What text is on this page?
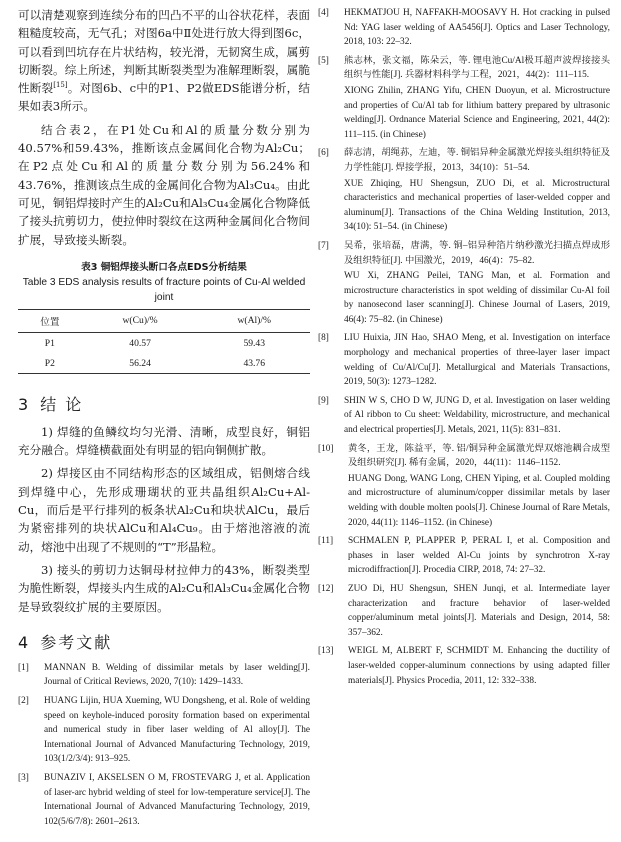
可以清楚观察到连续分布的凹凸不平的山谷状花样，表面粗糙度较高，无气孔；对图6a中Ⅱ处进行放大得到图6c，可以看到凹坑存在片状结构，较光滑，无韧窝生成，属剪切断裂。综上所述，判断其断裂类型为准解理断裂，属脆性断裂[15]。对图6b、c中的P1、P2做EDS能谱分析，结果如表3所示。

结合表2，在P1处Cu和Al的质量分数分别为40.57%和59.43%，推断该点金属间化合物为Al₂Cu；在P2点处Cu和Al的质量分数分别为56.24%和43.76%，推测该点生成的金属间化合物为Al₃Cu₄。由此可见，铜铝焊接时产生的Al₂Cu和Al₃Cu₄金属化合物降低了接头抗剪切力，使拉伸时裂纹在这两种金属间化合物间扩展，导致接头断裂。

表3 铜铝焊接头断口各点EDS分析结果
Table 3 EDS analysis results of fracture points of Cu-Al welded joint
位置	w(Cu)/%	w(Al)/%
P1	40.57	59.43
P2	56.24	43.76
3 结 论

1) 焊缝的鱼鳞纹均匀光滑、清晰，成型良好，铜铝充分融合。焊缝横截面处有明显的铝向铜侧扩散。

2) 焊接区由不同结构形态的区域组成，铝侧熔合线到焊缝中心，先形成珊瑚状的亚共晶组织Al₂Cu+Al-Cu，而后是平行排列的板条状Al₂Cu和块状AlCu，最后为紧密排列的块状AlCu和Al₄Cu₉。由于熔池溶液的流动，熔池中出现了不规则的“T”形晶粒。

3) 接头的剪切力达铜母材拉伸力的43%，断裂类型为脆性断裂，焊接头内生成的Al₂Cu和Al₃Cu₄金属化合物是导致裂纹扩展的主要原因。

4 参考文献
[1]	MANNAN B. Welding of dissimilar metals by laser welding[J]. Journal of Critical Reviews, 2020, 7(10): 1429–1433.
[2]	HUANG Lijin, HUA Xueming, WU Dongsheng, et al. Role of welding speed on keyhole-induced porosity formation based on experimental and numerical study in fiber laser welding of Al alloy[J]. The International Journal of Advanced Manufacturing Technology, 2019, 103(1/2/3/4): 913–925.
[3]	BUNAZIV I, AKSELSEN O M, FROSTEVARG J, et al. Application of laser-arc hybrid welding of steel for low-temperature service[J]. The International Journal of Advanced Manufacturing Technology, 2019, 102(5/6/7/8): 2601–2613.
[4]	HEKMATJOU H, NAFFAKH-MOOSAVY H. Hot cracking in pulsed Nd: YAG laser welding of AA5456[J]. Optics and Laser Technology, 2018, 103: 22–32.
[5]	熊志林，张文福，陈朵云，等. 锂电池Cu/Al极耳超声波焊接接头组织与性能[J]. 兵器材料科学与工程，2021，44(2)：111–115.
XIONG Zhilin, ZHANG Yifu, CHEN Duoyun, et al. Microstructure and properties of Cu/Al tab for lithium battery prepared by ultrasonic welding[J]. Ordnance Material Science and Engineering, 2021, 44(2): 111–115. (in Chinese)
[6]	薛志清，胡绳荪，左迪，等. 铜铝异种金属激光焊接头组织特征及力学性能[J]. 焊接学报，2013，34(10)：51–54.
XUE Zhiqing, HU Shengsun, ZUO Di, et al. Microstructural characteristics and mechanical properties of laser-welded copper and aluminum[J]. Transactions of the China Welding Institution, 2013, 34(10): 51–54. (in Chinese)
[7]	吴希，张培磊，唐满，等. 铜–铝异种箔片纳秒激光扫描点焊成形及组织特征[J]. 中国激光，2019，46(4)：75–82.
WU Xi, ZHANG Peilei, TANG Man, et al. Formation and microstructure characteristics in spot welding of dissimilar Cu-Al foil by nanosecond laser scanning[J]. Chinese Journal of Lasers, 2019, 46(4): 75–82. (in Chinese)
[8]	LIU Huixia, JIN Hao, SHAO Meng, et al. Investigation on interface morphology and mechanical properties of three-layer laser impact welding of Cu/Al/Cu[J]. Metallurgical and Materials Transactions, 2019, 50(3): 1273–1282.
[9]	SHIN W S, CHO D W, JUNG D, et al. Investigation on laser welding of Al ribbon to Cu sheet: Weldability, microstructure, and mechanical and electrical properties[J]. Metals, 2021, 11(5): 831–831.
[10]	黄冬，王龙，陈益平，等. 铝/铜异种金属激光焊双熔池耦合成型及组织研究[J]. 稀有金属，2020，44(11)：1146–1152.
HUANG Dong, WANG Long, CHEN Yiping, et al. Coupled molding and microstructure of aluminum/copper dissimilar metals by laser welding with double molten pools[J]. Chinese Journal of Rare Metals, 2020, 44(11): 1146–1152. (in Chinese)
[11]	SCHMALEN P, PLAPPER P, PERAL I, et al. Composition and phases in laser welded Al-Cu joints by synchrotron X-ray microdiffraction[J]. Procedia CIRP, 2018, 74: 27–32.
[12]	ZUO Di, HU Shengsun, SHEN Junqi, et al. Intermediate layer characterization and fracture behavior of laser-welded copper/aluminum metal joints[J]. Materials and Design, 2014, 58: 357–362.
[13]	WEIGL M, ALBERT F, SCHMIDT M. Enhancing the ductility of laser-welded copper-aluminum connections by using adapted filler materials[J]. Physics Procedia, 2011, 12: 332–338.
